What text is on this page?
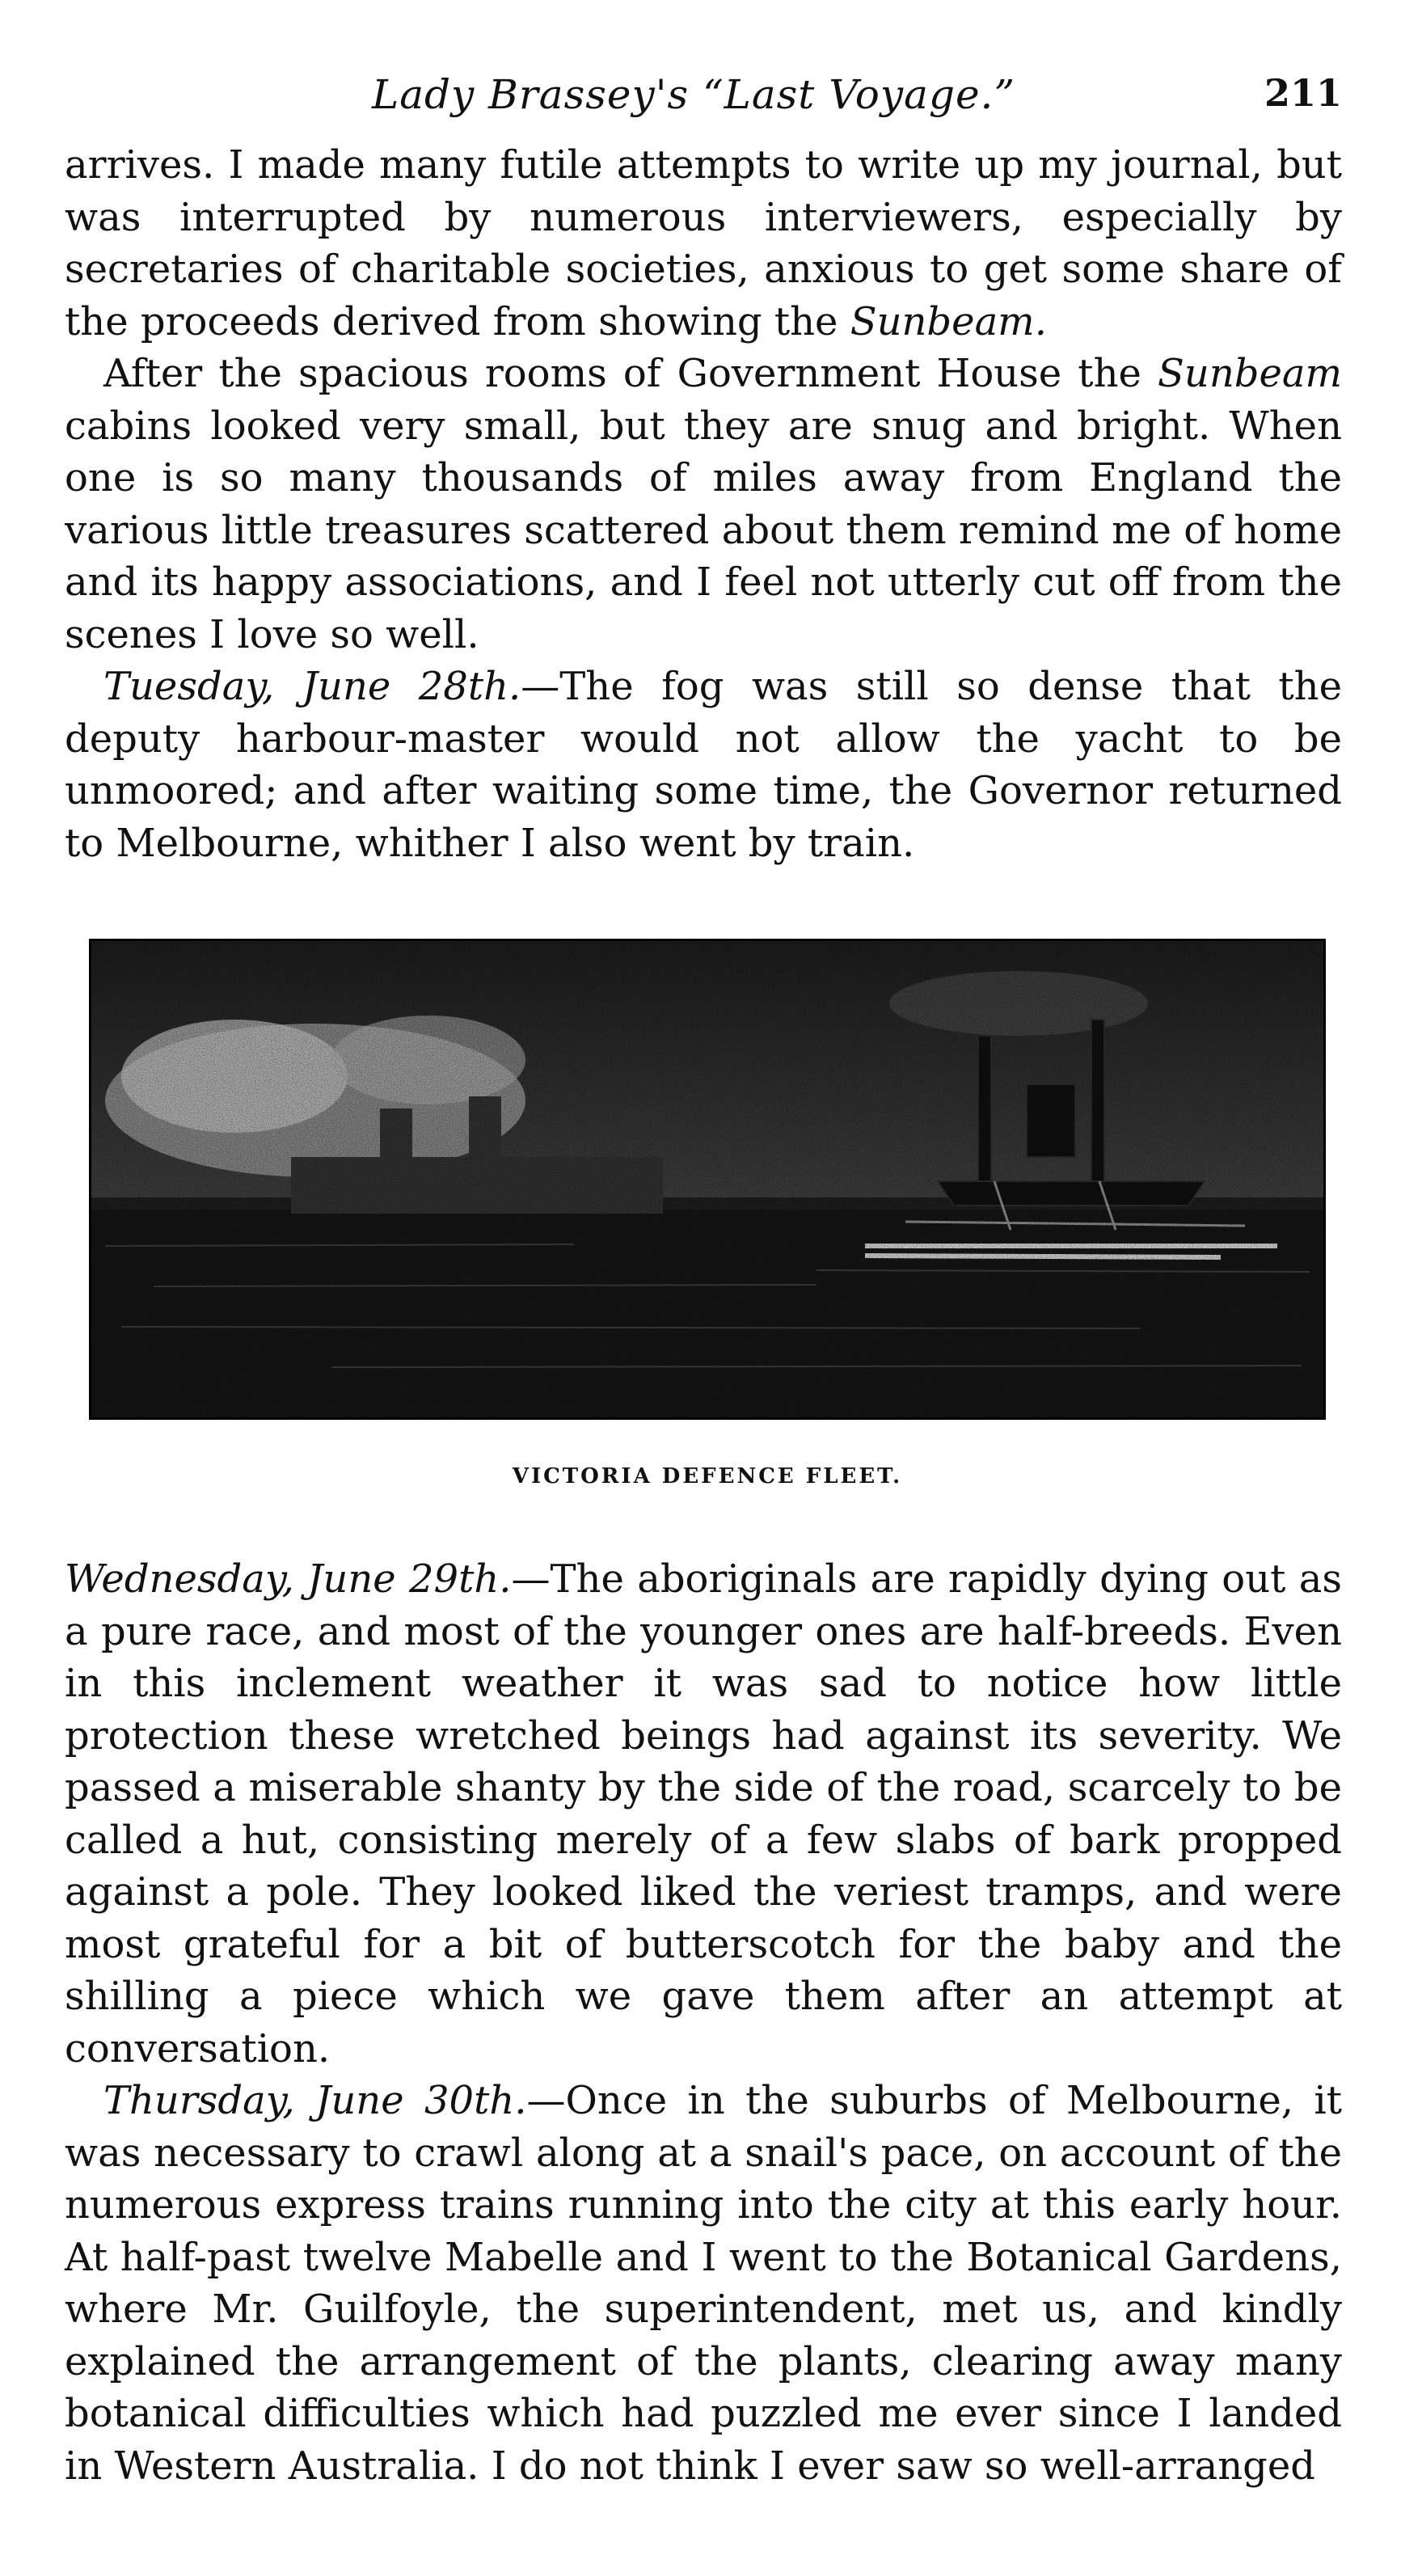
Lady Brassey's “Last Voyage.”	211

arrives. I made many futile attempts to write up my journal, but was interrupted by numerous interviewers, especially by secretaries of charitable societies, anxious to get some share of the proceeds derived from showing the Sunbeam.

After the spacious rooms of Government House the Sunbeam cabins looked very small, but they are snug and bright. When one is so many thousands of miles away from England the various little treasures scattered about them remind me of home and its happy associations, and I feel not utterly cut off from the scenes I love so well.

Tuesday, June 28th.—The fog was still so dense that the deputy harbour-master would not allow the yacht to be unmoored; and after waiting some time, the Governor returned to Melbourne, whither I also went by train.

VICTORIA DEFENCE FLEET.

Wednesday, June 29th.—The aboriginals are rapidly dying out as a pure race, and most of the younger ones are half-breeds. Even in this inclement weather it was sad to notice how little protection these wretched beings had against its severity. We passed a miserable shanty by the side of the road, scarcely to be called a hut, consisting merely of a few slabs of bark propped against a pole. They looked liked the veriest tramps, and were most grateful for a bit of butterscotch for the baby and the shilling a piece which we gave them after an attempt at conversation.

Thursday, June 30th.—Once in the suburbs of Melbourne, it was necessary to crawl along at a snail's pace, on account of the numerous express trains running into the city at this early hour. At half-past twelve Mabelle and I went to the Botanical Gardens, where Mr. Guilfoyle, the superintendent, met us, and kindly explained the arrangement of the plants, clearing away many botanical difficulties which had puzzled me ever since I landed in Western Australia. I do not think I ever saw so well-arranged
